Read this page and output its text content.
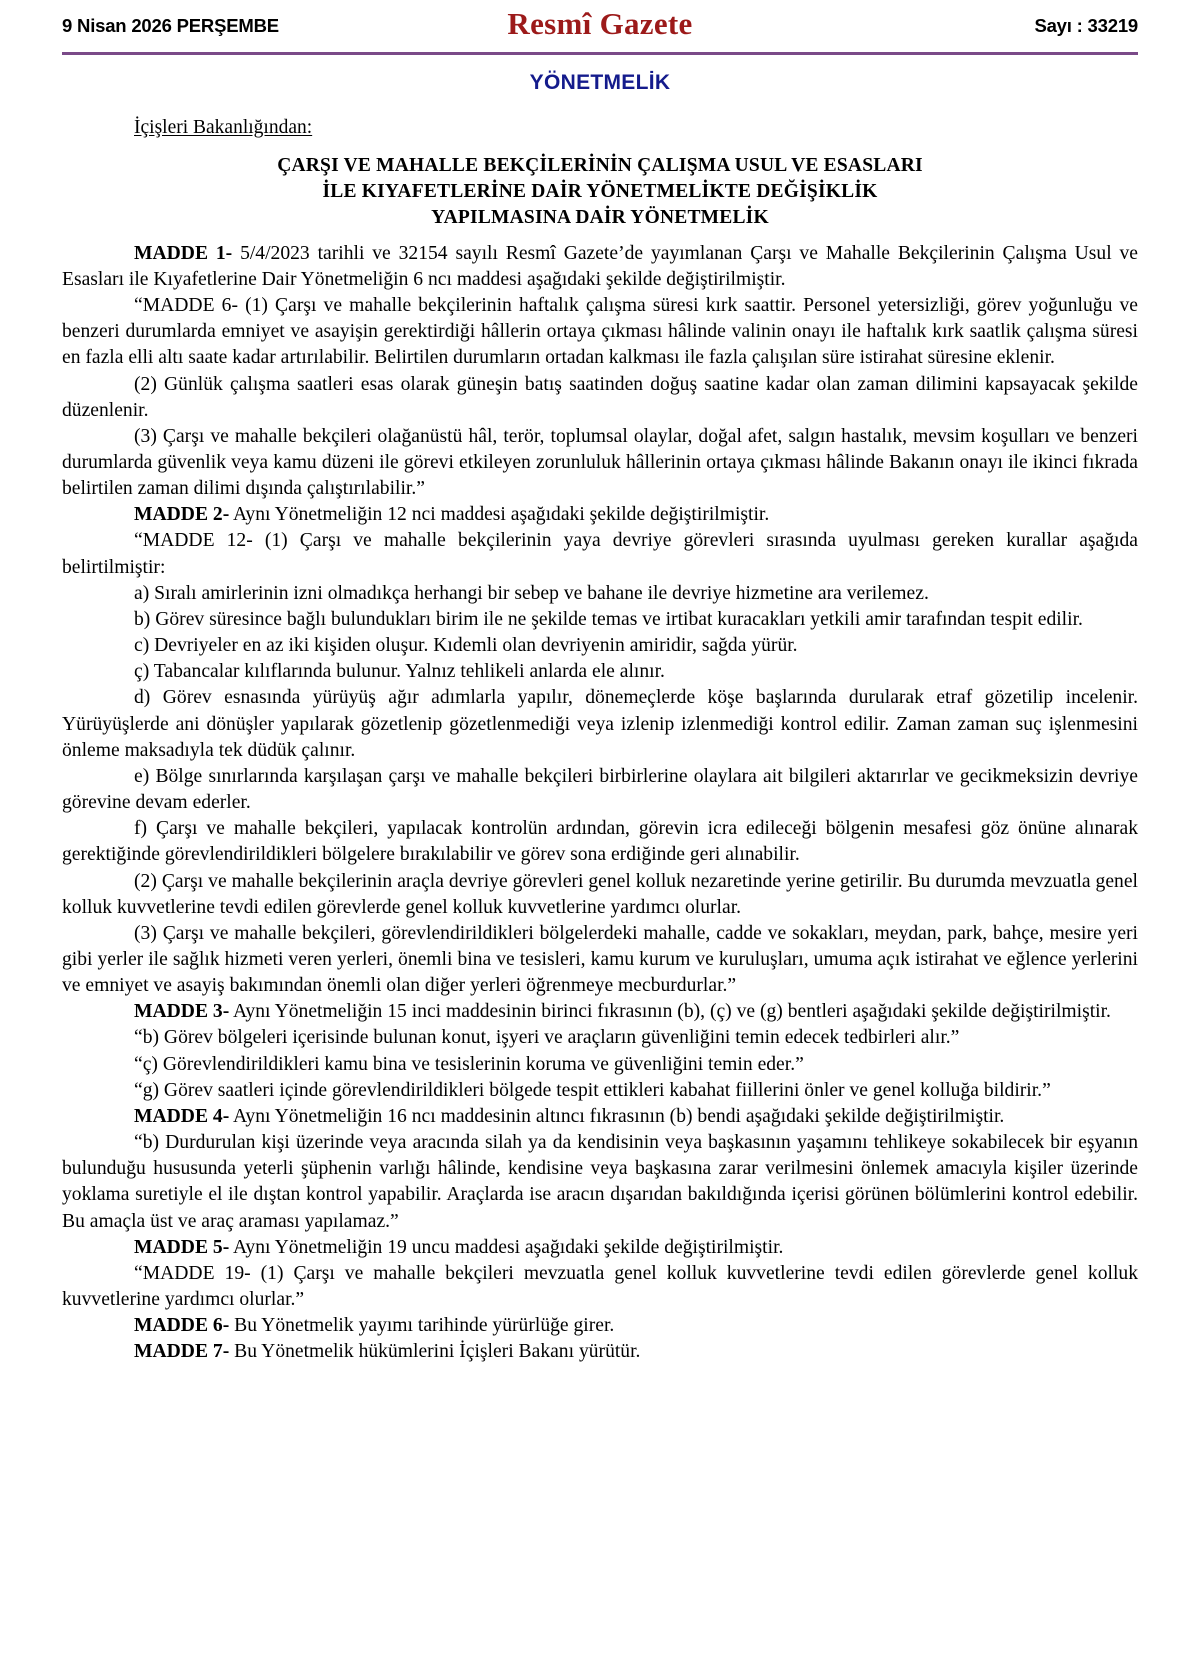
9 Nisan 2026 PERŞEMBE	Resmî Gazete	Sayı : 33219
YÖNETMELİK
İçişleri Bakanlığından:
ÇARŞI VE MAHALLE BEKÇİLERİNİN ÇALIŞMA USUL VE ESASLARI
İLE KIYAFETLERİNE DAİR YÖNETMELİKTE DEĞİŞİKLİK
YAPILMASINA DAİR YÖNETMELİK

MADDE 1- 5/4/2023 tarihli ve 32154 sayılı Resmî Gazete’de yayımlanan Çarşı ve Mahalle Bekçilerinin Çalışma Usul ve Esasları ile Kıyafetlerine Dair Yönetmeliğin 6 ncı maddesi aşağıdaki şekilde değiştirilmiştir.

“MADDE 6- (1) Çarşı ve mahalle bekçilerinin haftalık çalışma süresi kırk saattir. Personel yetersizliği, görev yoğunluğu ve benzeri durumlarda emniyet ve asayişin gerektirdiği hâllerin ortaya çıkması hâlinde valinin onayı ile haftalık kırk saatlik çalışma süresi en fazla elli altı saate kadar artırılabilir. Belirtilen durumların ortadan kalkması ile fazla çalışılan süre istirahat süresine eklenir.

(2) Günlük çalışma saatleri esas olarak güneşin batış saatinden doğuş saatine kadar olan zaman dilimini kapsayacak şekilde düzenlenir.

(3) Çarşı ve mahalle bekçileri olağanüstü hâl, terör, toplumsal olaylar, doğal afet, salgın hastalık, mevsim koşulları ve benzeri durumlarda güvenlik veya kamu düzeni ile görevi etkileyen zorunluluk hâllerinin ortaya çıkması hâlinde Bakanın onayı ile ikinci fıkrada belirtilen zaman dilimi dışında çalıştırılabilir.”

MADDE 2- Aynı Yönetmeliğin 12 nci maddesi aşağıdaki şekilde değiştirilmiştir.

“MADDE 12- (1) Çarşı ve mahalle bekçilerinin yaya devriye görevleri sırasında uyulması gereken kurallar aşağıda belirtilmiştir:

a) Sıralı amirlerinin izni olmadıkça herhangi bir sebep ve bahane ile devriye hizmetine ara verilemez.

b) Görev süresince bağlı bulundukları birim ile ne şekilde temas ve irtibat kuracakları yetkili amir tarafından tespit edilir.

c) Devriyeler en az iki kişiden oluşur. Kıdemli olan devriyenin amiridir, sağda yürür.

ç) Tabancalar kılıflarında bulunur. Yalnız tehlikeli anlarda ele alınır.

d) Görev esnasında yürüyüş ağır adımlarla yapılır, dönemeçlerde köşe başlarında durularak etraf gözetilip incelenir. Yürüyüşlerde ani dönüşler yapılarak gözetlenip gözetlenmediği veya izlenip izlenmediği kontrol edilir. Zaman zaman suç işlenmesini önleme maksadıyla tek düdük çalınır.

e) Bölge sınırlarında karşılaşan çarşı ve mahalle bekçileri birbirlerine olaylara ait bilgileri aktarırlar ve gecikmeksizin devriye görevine devam ederler.

f) Çarşı ve mahalle bekçileri, yapılacak kontrolün ardından, görevin icra edileceği bölgenin mesafesi göz önüne alınarak gerektiğinde görevlendirildikleri bölgelere bırakılabilir ve görev sona erdiğinde geri alınabilir.

(2) Çarşı ve mahalle bekçilerinin araçla devriye görevleri genel kolluk nezaretinde yerine getirilir. Bu durumda mevzuatla genel kolluk kuvvetlerine tevdi edilen görevlerde genel kolluk kuvvetlerine yardımcı olurlar.

(3) Çarşı ve mahalle bekçileri, görevlendirildikleri bölgelerdeki mahalle, cadde ve sokakları, meydan, park, bahçe, mesire yeri gibi yerler ile sağlık hizmeti veren yerleri, önemli bina ve tesisleri, kamu kurum ve kuruluşları, umuma açık istirahat ve eğlence yerlerini ve emniyet ve asayiş bakımından önemli olan diğer yerleri öğrenmeye mecburdurlar.”

MADDE 3- Aynı Yönetmeliğin 15 inci maddesinin birinci fıkrasının (b), (ç) ve (g) bentleri aşağıdaki şekilde değiştirilmiştir.

“b) Görev bölgeleri içerisinde bulunan konut, işyeri ve araçların güvenliğini temin edecek tedbirleri alır.”

“ç) Görevlendirildikleri kamu bina ve tesislerinin koruma ve güvenliğini temin eder.”

“g) Görev saatleri içinde görevlendirildikleri bölgede tespit ettikleri kabahat fiillerini önler ve genel kolluğa bildirir.”

MADDE 4- Aynı Yönetmeliğin 16 ncı maddesinin altıncı fıkrasının (b) bendi aşağıdaki şekilde değiştirilmiştir.

“b) Durdurulan kişi üzerinde veya aracında silah ya da kendisinin veya başkasının yaşamını tehlikeye sokabilecek bir eşyanın bulunduğu hususunda yeterli şüphenin varlığı hâlinde, kendisine veya başkasına zarar verilmesini önlemek amacıyla kişiler üzerinde yoklama suretiyle el ile dıştan kontrol yapabilir. Araçlarda ise aracın dışarıdan bakıldığında içerisi görünen bölümlerini kontrol edebilir. Bu amaçla üst ve araç araması yapılamaz.”

MADDE 5- Aynı Yönetmeliğin 19 uncu maddesi aşağıdaki şekilde değiştirilmiştir.

“MADDE 19- (1) Çarşı ve mahalle bekçileri mevzuatla genel kolluk kuvvetlerine tevdi edilen görevlerde genel kolluk kuvvetlerine yardımcı olurlar.”

MADDE 6- Bu Yönetmelik yayımı tarihinde yürürlüğe girer.

MADDE 7- Bu Yönetmelik hükümlerini İçişleri Bakanı yürütür.
